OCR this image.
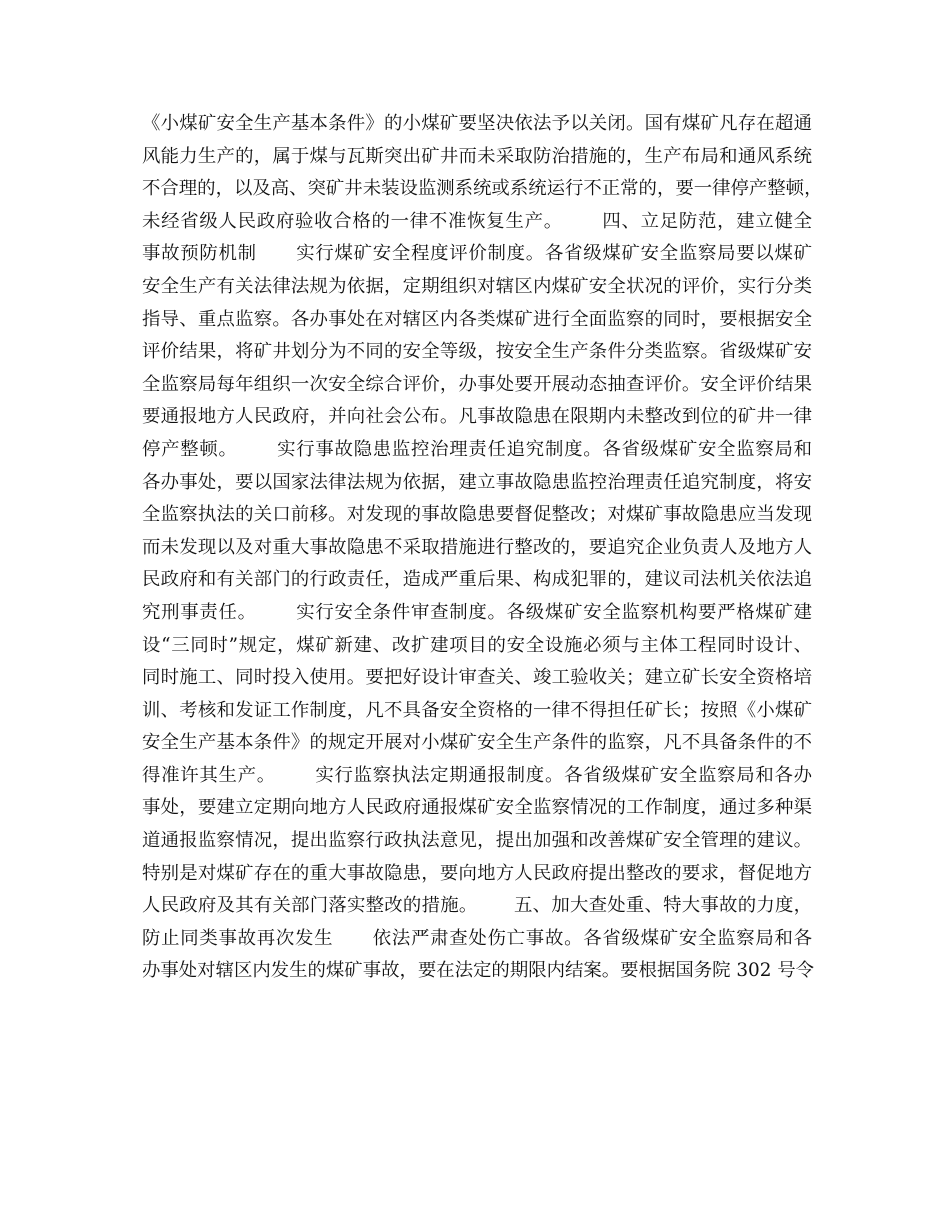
《小煤矿安全生产基本条件》的小煤矿要坚决依法予以关闭。国有煤矿凡存在超通
风能力生产的，属于煤与瓦斯突出矿井而未采取防治措施的，生产布局和通风系统
不合理的，以及高、突矿井未装设监测系统或系统运行不正常的，要一律停产整顿，
未经省级人民政府验收合格的一律不准恢复生产。      四、立足防范，建立健全
事故预防机制      实行煤矿安全程度评价制度。各省级煤矿安全监察局要以煤矿
安全生产有关法律法规为依据，定期组织对辖区内煤矿安全状况的评价，实行分类
指导、重点监察。各办事处在对辖区内各类煤矿进行全面监察的同时，要根据安全
评价结果，将矿井划分为不同的安全等级，按安全生产条件分类监察。省级煤矿安
全监察局每年组织一次安全综合评价，办事处要开展动态抽查评价。安全评价结果
要通报地方人民政府，并向社会公布。凡事故隐患在限期内未整改到位的矿井一律
停产整顿。      实行事故隐患监控治理责任追究制度。各省级煤矿安全监察局和
各办事处，要以国家法律法规为依据，建立事故隐患监控治理责任追究制度，将安
全监察执法的关口前移。对发现的事故隐患要督促整改；对煤矿事故隐患应当发现
而未发现以及对重大事故隐患不采取措施进行整改的，要追究企业负责人及地方人
民政府和有关部门的行政责任，造成严重后果、构成犯罪的，建议司法机关依法追
究刑事责任。      实行安全条件审查制度。各级煤矿安全监察机构要严格煤矿建
设“三同时”规定，煤矿新建、改扩建项目的安全设施必须与主体工程同时设计、
同时施工、同时投入使用。要把好设计审查关、竣工验收关；建立矿长安全资格培
训、考核和发证工作制度，凡不具备安全资格的一律不得担任矿长；按照《小煤矿
安全生产基本条件》的规定开展对小煤矿安全生产条件的监察，凡不具备条件的不
得准许其生产。      实行监察执法定期通报制度。各省级煤矿安全监察局和各办
事处，要建立定期向地方人民政府通报煤矿安全监察情况的工作制度，通过多种渠
道通报监察情况，提出监察行政执法意见，提出加强和改善煤矿安全管理的建议。
特别是对煤矿存在的重大事故隐患，要向地方人民政府提出整改的要求，督促地方
人民政府及其有关部门落实整改的措施。      五、加大查处重、特大事故的力度，
防止同类事故再次发生      依法严肃查处伤亡事故。各省级煤矿安全监察局和各
办事处对辖区内发生的煤矿事故，要在法定的期限内结案。要根据国务院 302 号令
